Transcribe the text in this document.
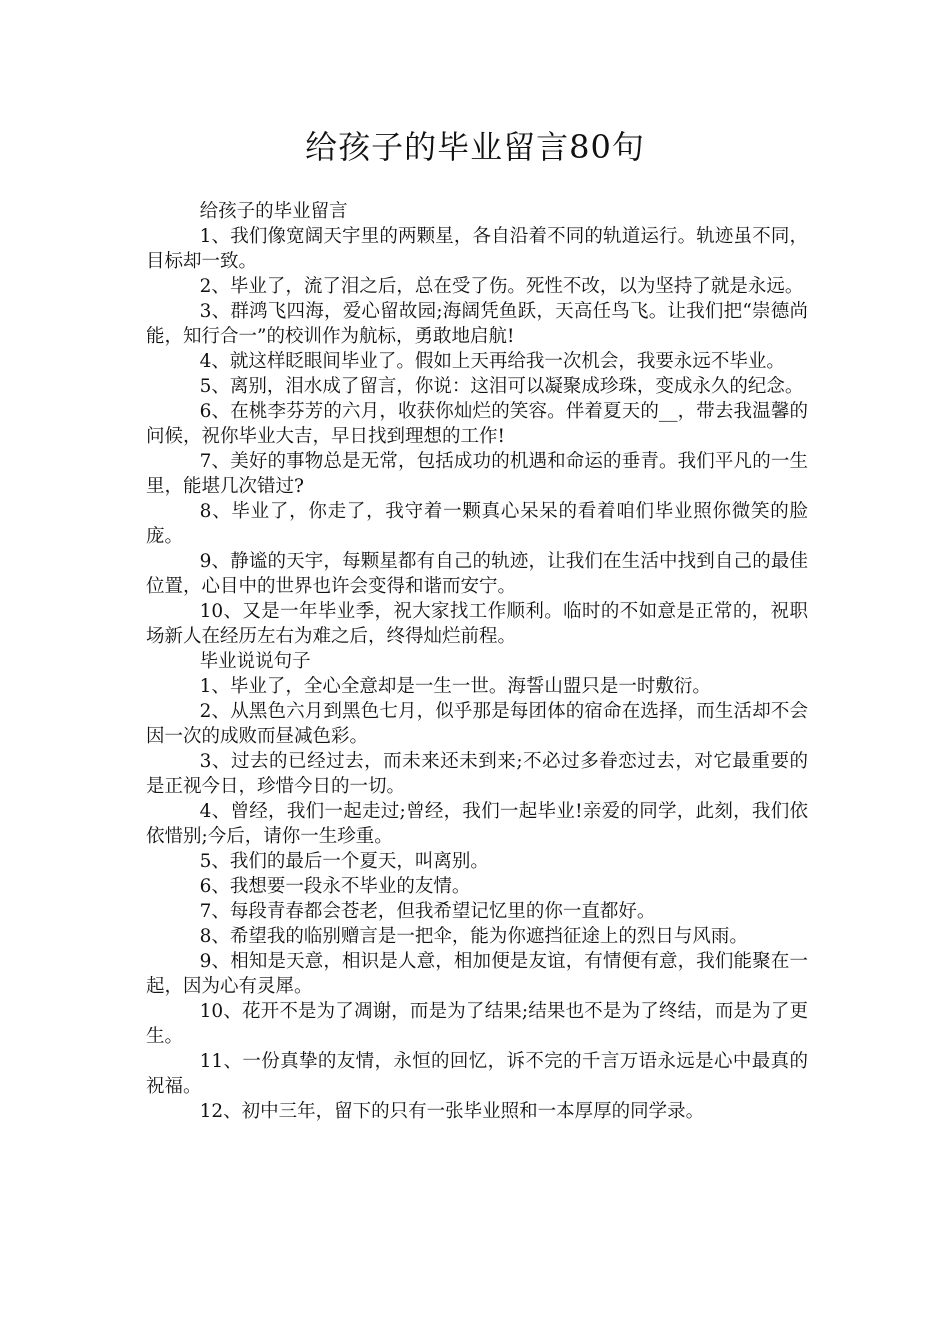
给孩子的毕业留言80句

给孩子的毕业留言

1、我们像宽阔天宇里的两颗星，各自沿着不同的轨道运行。轨迹虽不同，目标却一致。

2、毕业了，流了泪之后，总在受了伤。死性不改，以为坚持了就是永远。

3、群鸿飞四海，爱心留故园;海阔凭鱼跃，天高任鸟飞。让我们把“崇德尚能，知行合一”的校训作为航标，勇敢地启航!

4、就这样眨眼间毕业了。假如上天再给我一次机会，我要永远不毕业。

5、离别，泪水成了留言，你说：这泪可以凝聚成珍珠，变成永久的纪念。

6、在桃李芬芳的六月，收获你灿烂的笑容。伴着夏天的__，带去我温馨的问候，祝你毕业大吉，早日找到理想的工作!

7、美好的事物总是无常，包括成功的机遇和命运的垂青。我们平凡的一生里，能堪几次错过?

8、毕业了，你走了，我守着一颗真心呆呆的看着咱们毕业照你微笑的脸庞。

9、静谧的天宇，每颗星都有自己的轨迹，让我们在生活中找到自己的最佳位置，心目中的世界也许会变得和谐而安宁。

10、又是一年毕业季，祝大家找工作顺利。临时的不如意是正常的，祝职场新人在经历左右为难之后，终得灿烂前程。

毕业说说句子

1、毕业了，全心全意却是一生一世。海誓山盟只是一时敷衍。

2、从黑色六月到黑色七月，似乎那是每团体的宿命在选择，而生活却不会因一次的成败而昼减色彩。

3、过去的已经过去，而未来还未到来;不必过多眷恋过去，对它最重要的是正视今日，珍惜今日的一切。

4、曾经，我们一起走过;曾经，我们一起毕业!亲爱的同学，此刻，我们依依惜别;今后，请你一生珍重。

5、我们的最后一个夏天，叫离别。

6、我想要一段永不毕业的友情。

7、每段青春都会苍老，但我希望记忆里的你一直都好。

8、希望我的临别赠言是一把伞，能为你遮挡征途上的烈日与风雨。

9、相知是天意，相识是人意，相加便是友谊，有情便有意，我们能聚在一起，因为心有灵犀。

10、花开不是为了凋谢，而是为了结果;结果也不是为了终结，而是为了更生。

11、一份真挚的友情，永恒的回忆，诉不完的千言万语永远是心中最真的祝福。

12、初中三年，留下的只有一张毕业照和一本厚厚的同学录。
